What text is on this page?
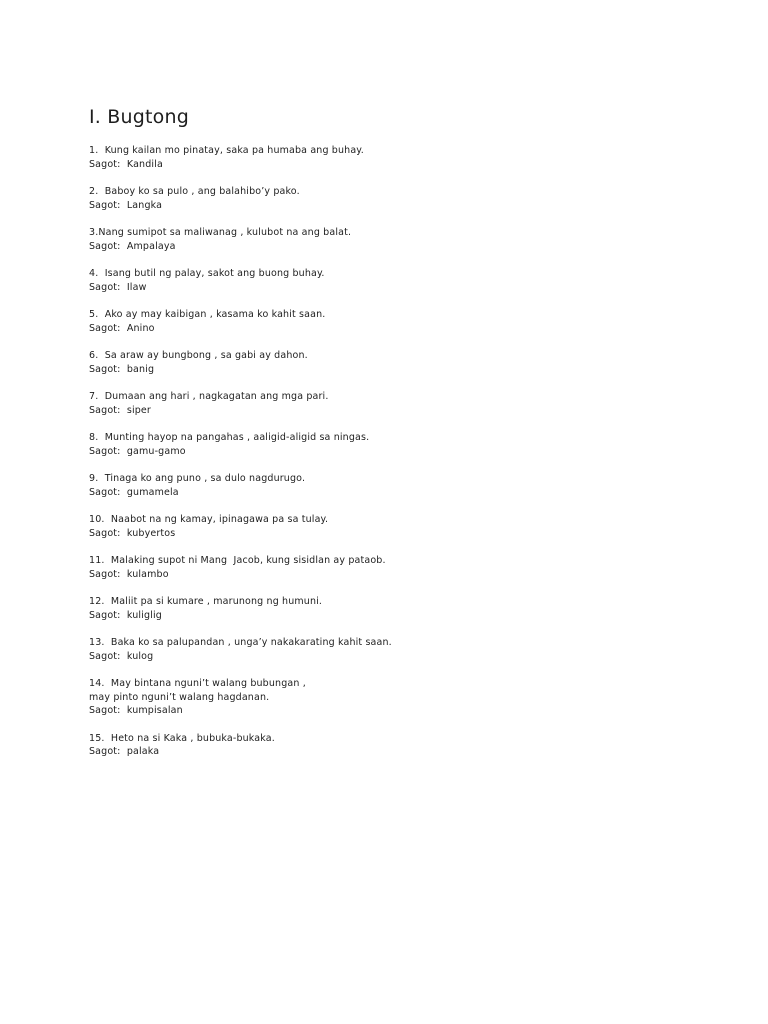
I. Bugtong
1.  Kung kailan mo pinatay, saka pa humaba ang buhay.
Sagot:  Kandila
2.  Baboy ko sa pulo , ang balahibo’y pako.
Sagot:  Langka
3.Nang sumipot sa maliwanag , kulubot na ang balat.
Sagot:  Ampalaya
4.  Isang butil ng palay, sakot ang buong buhay.
Sagot:  Ilaw
5.  Ako ay may kaibigan , kasama ko kahit saan.
Sagot:  Anino
6.  Sa araw ay bungbong , sa gabi ay dahon.
Sagot:  banig
7.  Dumaan ang hari , nagkagatan ang mga pari.
Sagot:  siper
8.  Munting hayop na pangahas , aaligid-aligid sa ningas.
Sagot:  gamu-gamo
9.  Tinaga ko ang puno , sa dulo nagdurugo.
Sagot:  gumamela
10.  Naabot na ng kamay, ipinagawa pa sa tulay.
Sagot:  kubyertos
11.  Malaking supot ni Mang  Jacob, kung sisidlan ay pataob.
Sagot:  kulambo
12.  Maliit pa si kumare , marunong ng humuni.
Sagot:  kuliglig
13.  Baka ko sa palupandan , unga’y nakakarating kahit saan.
Sagot:  kulog
14.  May bintana nguni’t walang bubungan ,
may pinto nguni’t walang hagdanan.
Sagot:  kumpisalan
15.  Heto na si Kaka , bubuka-bukaka.
Sagot:  palaka
